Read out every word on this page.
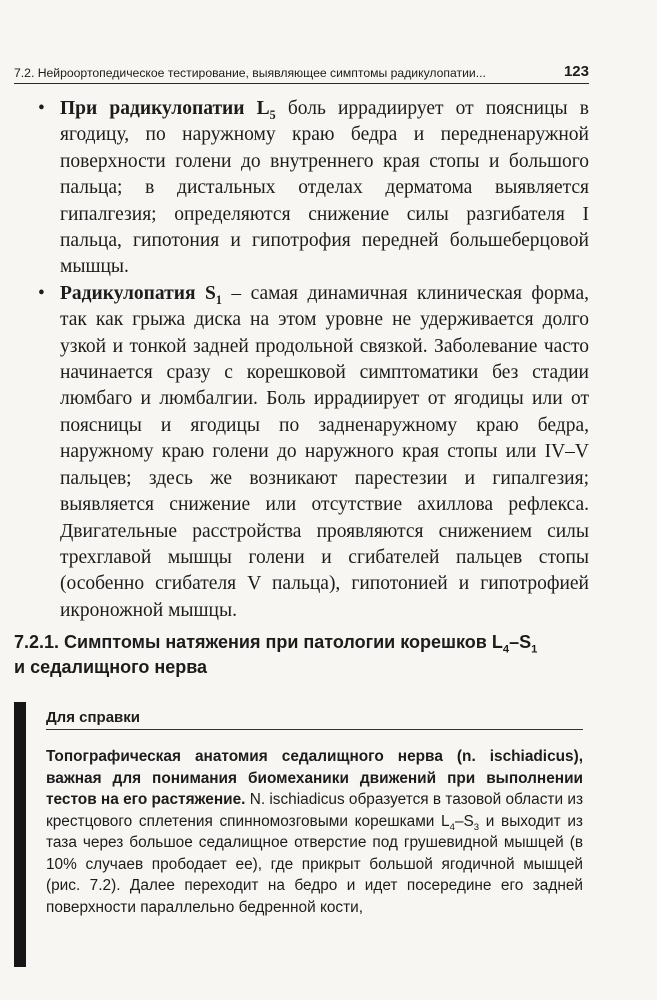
7.2. Нейроортопедическое тестирование, выявляющее симптомы радикулопатии...	123
• При радикулопатии $L_5$ боль иррадиирует от поясницы в ягодицу, по наружному краю бедра и передненаружной поверхности голени до внутреннего края стопы и большого пальца; в дистальных отделах дерматома выявляется гипалгезия; определяются снижение силы разгибателя I пальца, гипотония и гипотрофия передней большеберцовой мышцы.
• Радикулопатия $S_1$ – самая динамичная клиническая форма, так как грыжа диска на этом уровне не удерживается долго узкой и тонкой задней продольной связкой. Заболевание часто начинается сразу с корешковой симптоматики без стадии люмбаго и люмбалгии. Боль иррадиирует от ягодицы или от поясницы и ягодицы по задненаружному краю бедра, наружному краю голени до наружного края стопы или IV–V пальцев; здесь же возникают парестезии и гипалгезия; выявляется снижение или отсутствие ахиллова рефлекса. Двигательные расстройства проявляются снижением силы трехглавой мышцы голени и сгибателей пальцев стопы (особенно сгибателя V пальца), гипотонией и гипотрофией икроножной мышцы.
7.2.1. Симптомы натяжения при патологии корешков $L_4-S_1$
и седалищного нерва
Для справки
Топографическая анатомия седалищного нерва (n. ischiadicus), важная для понимания биомеханики движений при выполнении тестов на его растяжение. N. ischiadicus образуется в тазовой области из крестцового сплетения спинномозговыми корешками $L_4-S_3$ и выходит из таза через большое седалищное отверстие под грушевидной мышцей (в 10% случаев прободает ее), где прикрыт большой ягодичной мышцей (рис. 7.2). Далее переходит на бедро и идет посередине его задней поверхности параллельно бедренной кости,
